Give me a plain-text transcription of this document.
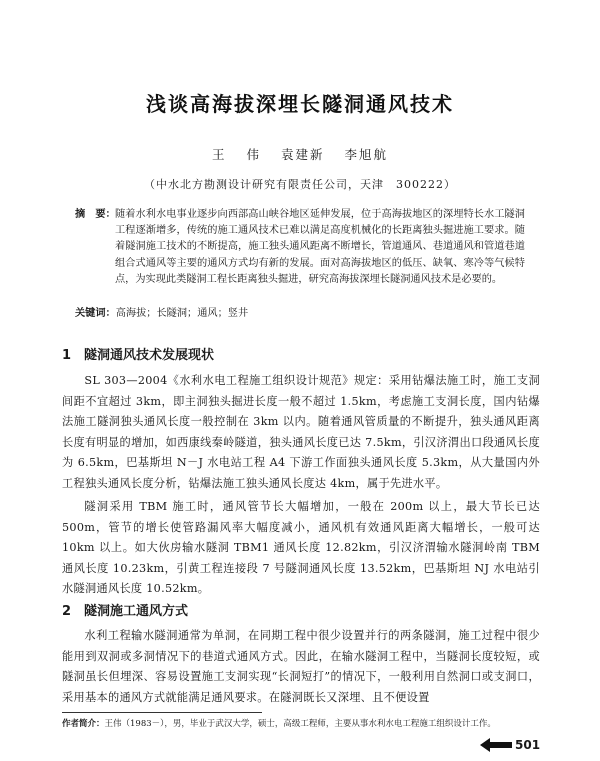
浅谈高海拔深埋长隧洞通风技术
王 伟 袁建新 李旭航
（中水北方勘测设计研究有限责任公司，天津　300222）
摘　要： 随着水利水电事业逐步向西部高山峡谷地区延伸发展，位于高海拔地区的深埋特长水工隧洞工程逐渐增多，传统的施工通风技术已难以满足高度机械化的长距离独头掘进施工要求。随着隧洞施工技术的不断提高，施工独头通风距离不断增长，管道通风、巷道通风和管道巷道组合式通风等主要的通风方式均有新的发展。面对高海拔地区的低压、缺氧、寒冷等气候特点，为实现此类隧洞工程长距离独头掘进，研究高海拔深埋长隧洞通风技术是必要的。
关键词：高海拔；长隧洞；通风；竖井
1 隧洞通风技术发展现状
SL 303—2004《水利水电工程施工组织设计规范》规定：采用钻爆法施工时，施工支洞间距不宜超过 3km，即主洞独头掘进长度一般不超过 1.5km，考虑施工支洞长度，国内钻爆法施工隧洞独头通风长度一般控制在 3km 以内。随着通风管质量的不断提升，独头通风距离长度有明显的增加，如西康线秦岭隧道，独头通风长度已达 7.5km，引汉济渭出口段通风长度为 6.5km，巴基斯坦 N－J 水电站工程 A4 下游工作面独头通风长度 5.3km，从大量国内外工程独头通风长度分析，钻爆法施工独头通风长度达 4km，属于先进水平。
隧洞采用 TBM 施工时，通风管节长大幅增加，一般在 200m 以上，最大节长已达 500m，管节的增长使管路漏风率大幅度减小，通风机有效通风距离大幅增长，一般可达 10km 以上。如大伙房输水隧洞 TBM1 通风长度 12.82km，引汉济渭输水隧洞岭南 TBM 通风长度 10.23km，引黄工程连接段 7 号隧洞通风长度 13.52km，巴基斯坦 NJ 水电站引水隧洞通风长度 10.52km。
2 隧洞施工通风方式
水利工程输水隧洞通常为单洞，在同期工程中很少设置并行的两条隧洞，施工过程中很少能用到双洞或多洞情况下的巷道式通风方式。因此，在输水隧洞工程中，当隧洞长度较短，或隧洞虽长但埋深、容易设置施工支洞实现“长洞短打”的情况下，一般利用自然洞口或支洞口，采用基本的通风方式就能满足通风要求。在隧洞既长又深埋、且不便设置
作者简介：王伟（1983－），男，毕业于武汉大学，硕士，高级工程师，主要从事水利水电工程施工组织设计工作。
501
